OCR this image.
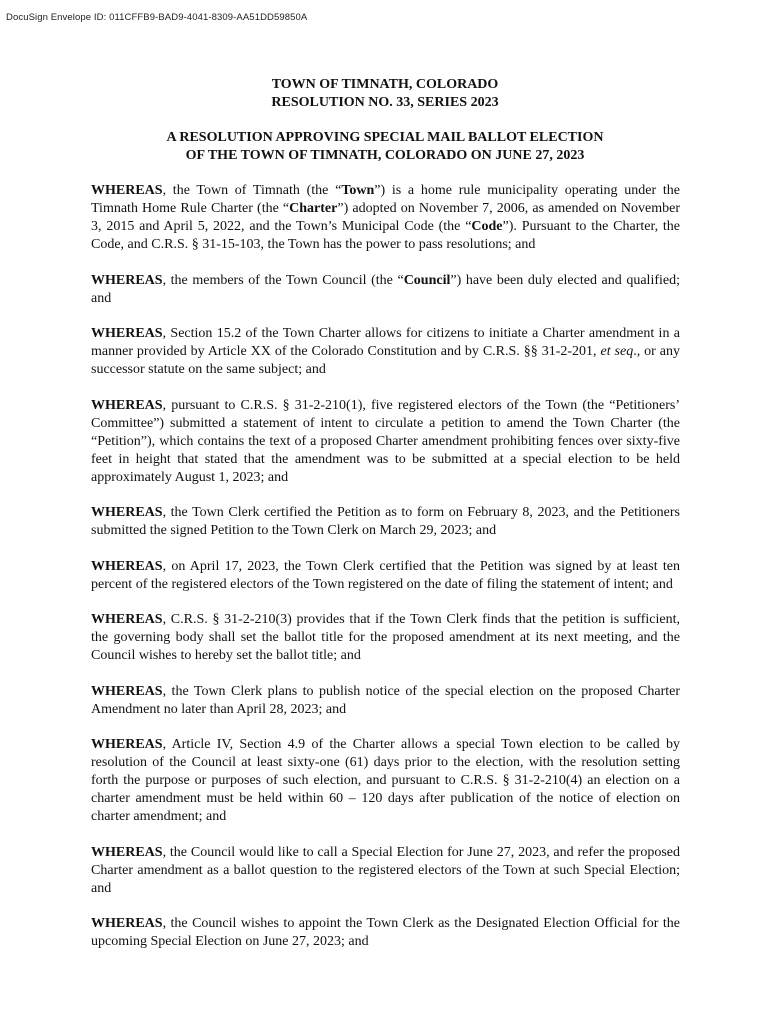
DocuSign Envelope ID: 011CFFB9-BAD9-4041-8309-AA51DD59850A
TOWN OF TIMNATH, COLORADO
RESOLUTION NO. 33, SERIES 2023
A RESOLUTION APPROVING SPECIAL MAIL BALLOT ELECTION
OF THE TOWN OF TIMNATH, COLORADO ON JUNE 27, 2023

WHEREAS, the Town of Timnath (the “Town”) is a home rule municipality operating under the Timnath Home Rule Charter (the “Charter”) adopted on November 7, 2006, as amended on November 3, 2015 and April 5, 2022, and the Town’s Municipal Code (the “Code”). Pursuant to the Charter, the Code, and C.R.S. § 31-15-103, the Town has the power to pass resolutions; and

WHEREAS, the members of the Town Council (the “Council”) have been duly elected and qualified; and

WHEREAS, Section 15.2 of the Town Charter allows for citizens to initiate a Charter amendment in a manner provided by Article XX of the Colorado Constitution and by C.R.S. §§ 31-2-201, et seq., or any successor statute on the same subject; and

WHEREAS, pursuant to C.R.S. § 31-2-210(1), five registered electors of the Town (the “Petitioners’ Committee”) submitted a statement of intent to circulate a petition to amend the Town Charter (the “Petition”), which contains the text of a proposed Charter amendment prohibiting fences over sixty-five feet in height that stated that the amendment was to be submitted at a special election to be held approximately August 1, 2023; and

WHEREAS, the Town Clerk certified the Petition as to form on February 8, 2023, and the Petitioners submitted the signed Petition to the Town Clerk on March 29, 2023; and

WHEREAS, on April 17, 2023, the Town Clerk certified that the Petition was signed by at least ten percent of the registered electors of the Town registered on the date of filing the statement of intent; and

WHEREAS, C.R.S. § 31-2-210(3) provides that if the Town Clerk finds that the petition is sufficient, the governing body shall set the ballot title for the proposed amendment at its next meeting, and the Council wishes to hereby set the ballot title; and

WHEREAS, the Town Clerk plans to publish notice of the special election on the proposed Charter Amendment no later than April 28, 2023; and

WHEREAS, Article IV, Section 4.9 of the Charter allows a special Town election to be called by resolution of the Council at least sixty-one (61) days prior to the election, with the resolution setting forth the purpose or purposes of such election, and pursuant to C.R.S. § 31-2-210(4) an election on a charter amendment must be held within 60 – 120 days after publication of the notice of election on charter amendment; and

WHEREAS, the Council would like to call a Special Election for June 27, 2023, and refer the proposed Charter amendment as a ballot question to the registered electors of the Town at such Special Election; and

WHEREAS, the Council wishes to appoint the Town Clerk as the Designated Election Official for the upcoming Special Election on June 27, 2023; and
